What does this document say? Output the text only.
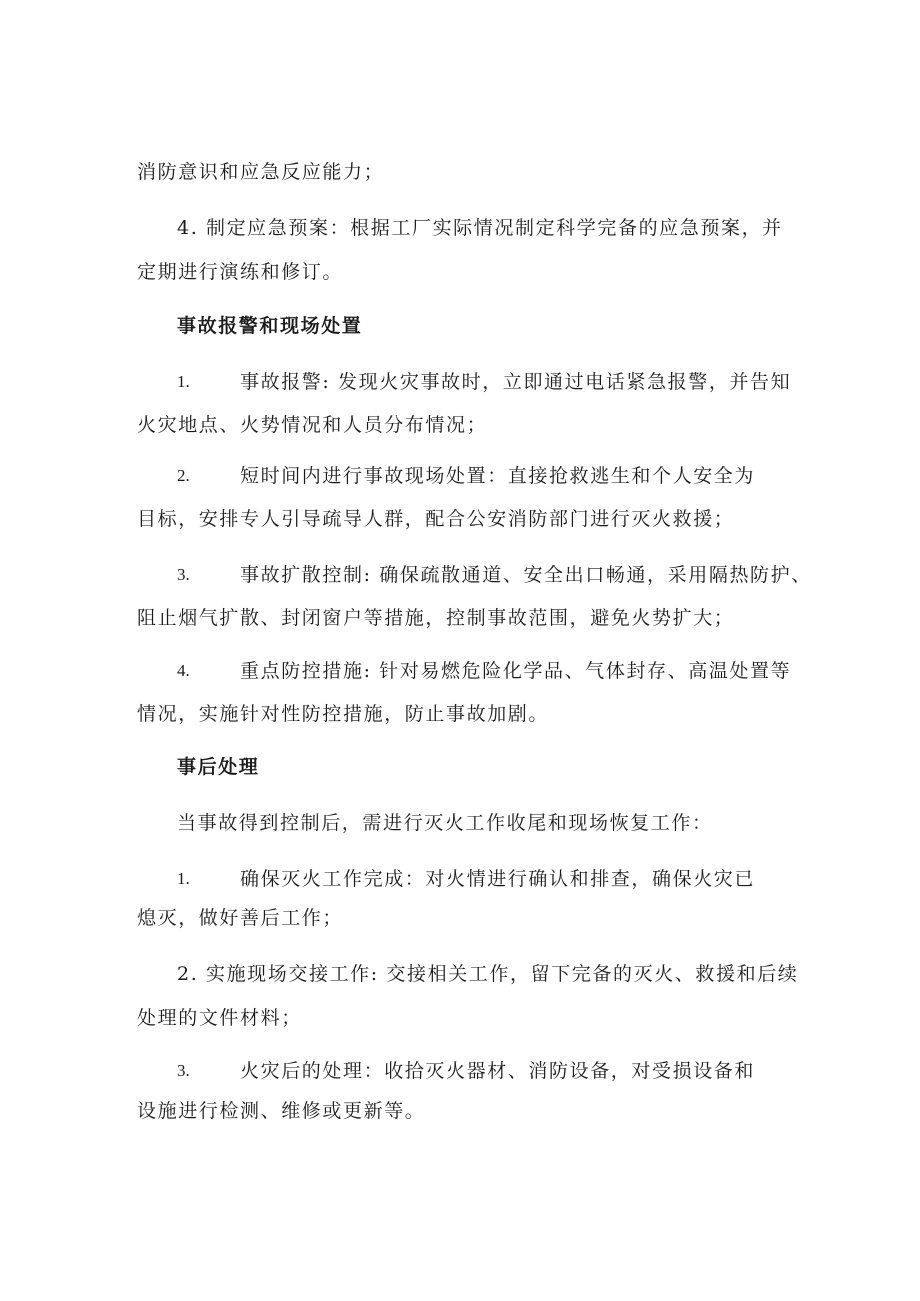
消防意识和应急反应能力；
4. 制定应急预案：根据工厂实际情况制定科学完备的应急预案，并
定期进行演练和修订。
事故报警和现场处置
1.	事故报警: 发现火灾事故时，立即通过电话紧急报警，并告知
火灾地点、火势情况和人员分布情况；
2.	短时间内进行事故现场处置：直接抢救逃生和个人安全为
目标，安排专人引导疏导人群，配合公安消防部门进行灭火救援；
3.	事故扩散控制: 确保疏散通道、安全出口畅通，采用隔热防护、
阻止烟气扩散、封闭窗户等措施，控制事故范围，避免火势扩大；
4.	重点防控措施: 针对易燃危险化学品、气体封存、高温处置等
情况，实施针对性防控措施，防止事故加剧。
事后处理
当事故得到控制后，需进行灭火工作收尾和现场恢复工作：
1.	确保灭火工作完成：对火情进行确认和排查，确保火灾已
熄灭，做好善后工作；
2. 实施现场交接工作: 交接相关工作，留下完备的灭火、救援和后续
处理的文件材料；
3.	火灾后的处理：收拾灭火器材、消防设备，对受损设备和
设施进行检测、维修或更新等。
